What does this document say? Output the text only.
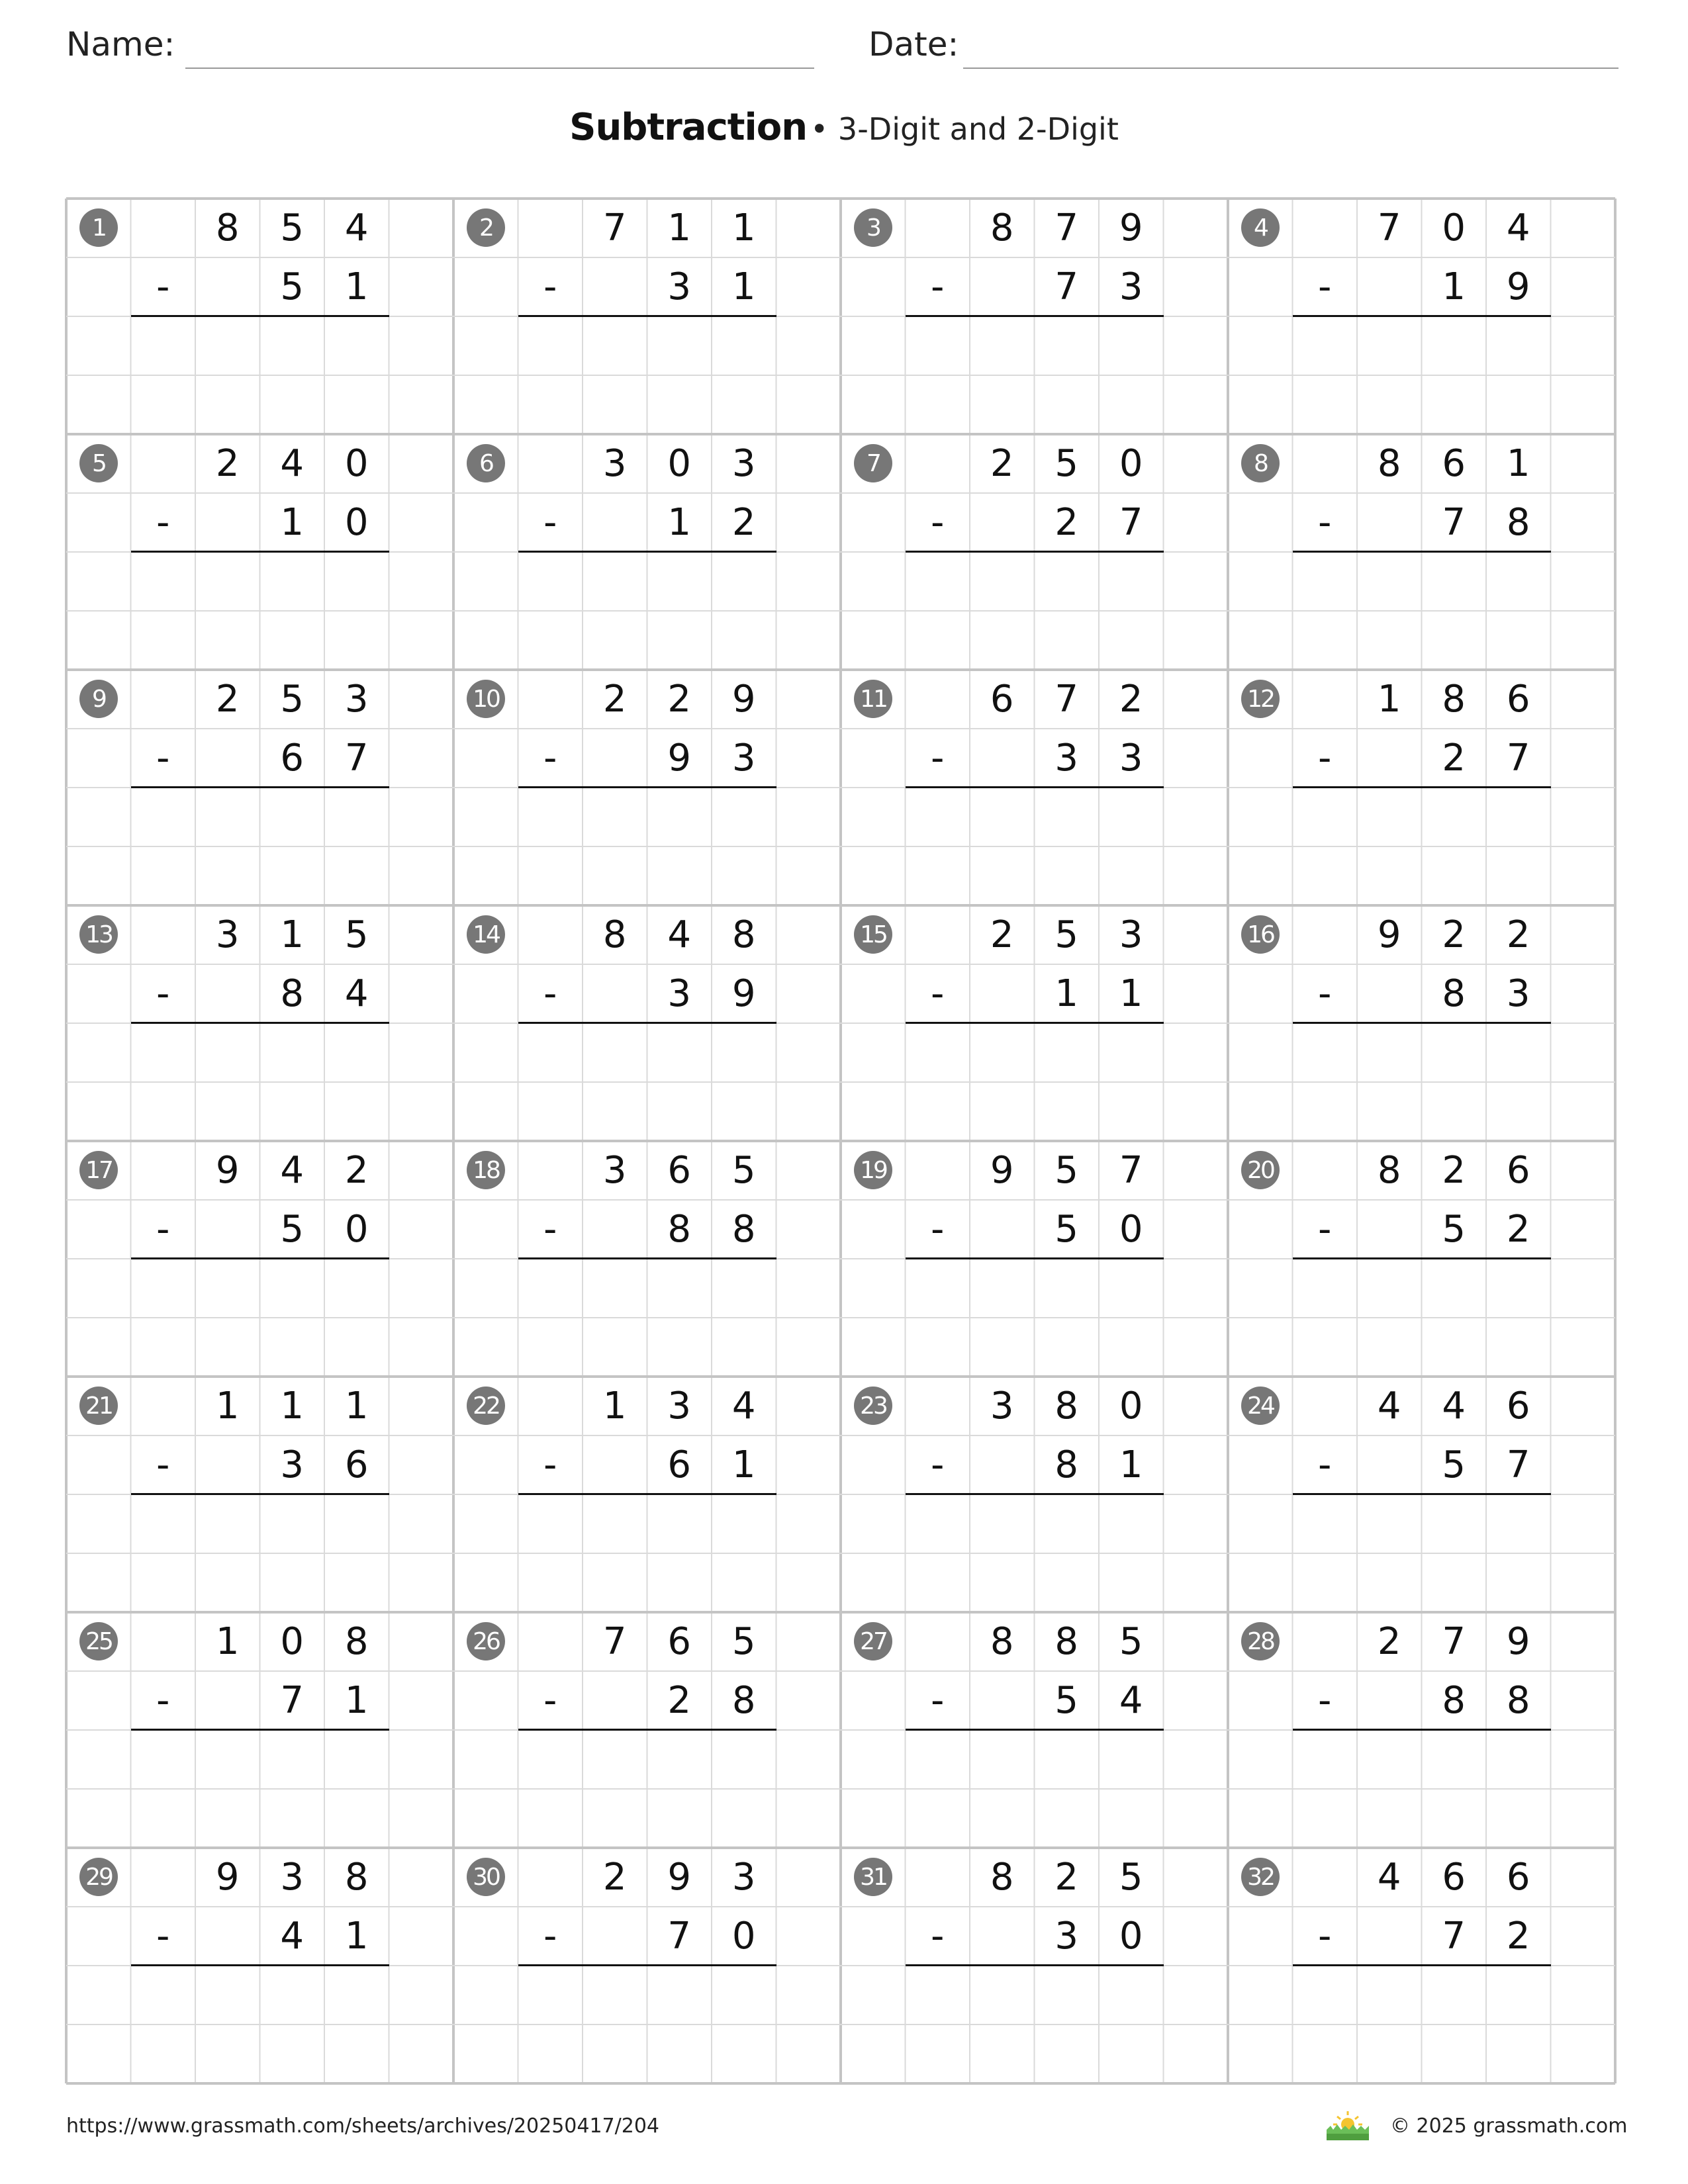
Name:	Date:
Subtraction • 3-Digit and 2-Digit
1	8	5	4
-	5	1
2	7	1	1
-	3	1
3	8	7	9
-	7	3
4	7	0	4
-	1	9
5	2	4	0
-	1	0
6	3	0	3
-	1	2
7	2	5	0
-	2	7
8	8	6	1
-	7	8
9	2	5	3
-	6	7
10	2	2	9
-	9	3
11	6	7	2
-	3	3
12	1	8	6
-	2	7
13	3	1	5
-	8	4
14	8	4	8
-	3	9
15	2	5	3
-	1	1
16	9	2	2
-	8	3
17	9	4	2
-	5	0
18	3	6	5
-	8	8
19	9	5	7
-	5	0
20	8	2	6
-	5	2
21	1	1	1
-	3	6
22	1	3	4
-	6	1
23	3	8	0
-	8	1
24	4	4	6
-	5	7
25	1	0	8
-	7	1
26	7	6	5
-	2	8
27	8	8	5
-	5	4
28	2	7	9
-	8	8
29	9	3	8
-	4	1
30	2	9	3
-	7	0
31	8	2	5
-	3	0
32	4	6	6
-	7	2
https://www.grassmath.com/sheets/archives/20250417/204	© 2025 grassmath.com
